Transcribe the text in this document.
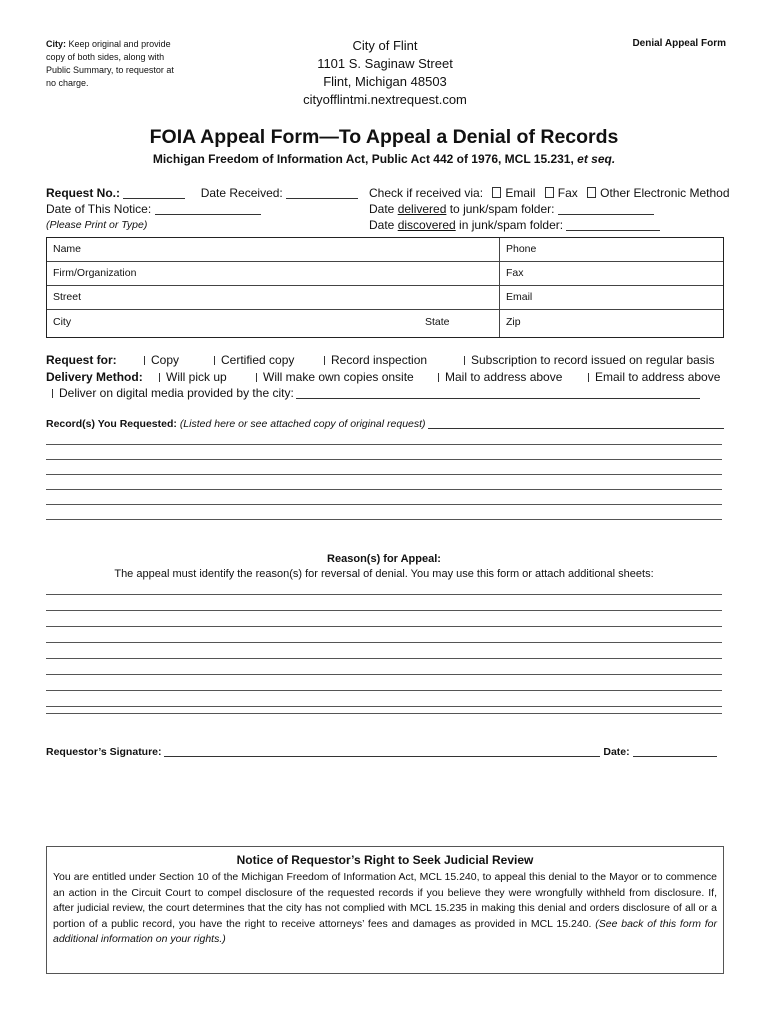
City: Keep original and provide copy of both sides, along with Public Summary, to requestor at no charge.
City of Flint
1101 S. Saginaw Street
Flint, Michigan 48503
cityofflintmi.nextrequest.com
Denial Appeal Form
FOIA Appeal Form—To Appeal a Denial of Records
Michigan Freedom of Information Act, Public Act 442 of 1976, MCL 15.231, et seq.
Request No.:	Date Received:
Date of This Notice:
(Please Print or Type)
Check if received via: Email Fax Other Electronic Method
Date delivered to junk/spam folder:
Date discovered in junk/spam folder:
Name	Phone
Firm/Organization	Fax
Street	Email
City	State	Zip
Request for:	Copy	Certified copy	Record inspection	Subscription to record issued on regular basis
Delivery Method:	Will pick up	Will make own copies onsite	Mail to address above	Email to address above
Deliver on digital media provided by the city:
Record(s) You Requested: (Listed here or see attached copy of original request)
Reason(s) for Appeal:
The appeal must identify the reason(s) for reversal of denial. You may use this form or attach additional sheets:
Requestor’s Signature:	Date:
Notice of Requestor’s Right to Seek Judicial Review
You are entitled under Section 10 of the Michigan Freedom of Information Act, MCL 15.240, to appeal this denial to the Mayor or to commence an action in the Circuit Court to compel disclosure of the requested records if you believe they were wrongfully withheld from disclosure. If, after judicial review, the court determines that the city has not complied with MCL 15.235 in making this denial and orders disclosure of all or a portion of a public record, you have the right to receive attorneys’ fees and damages as provided in MCL 15.240. (See back of this form for additional information on your rights.)
